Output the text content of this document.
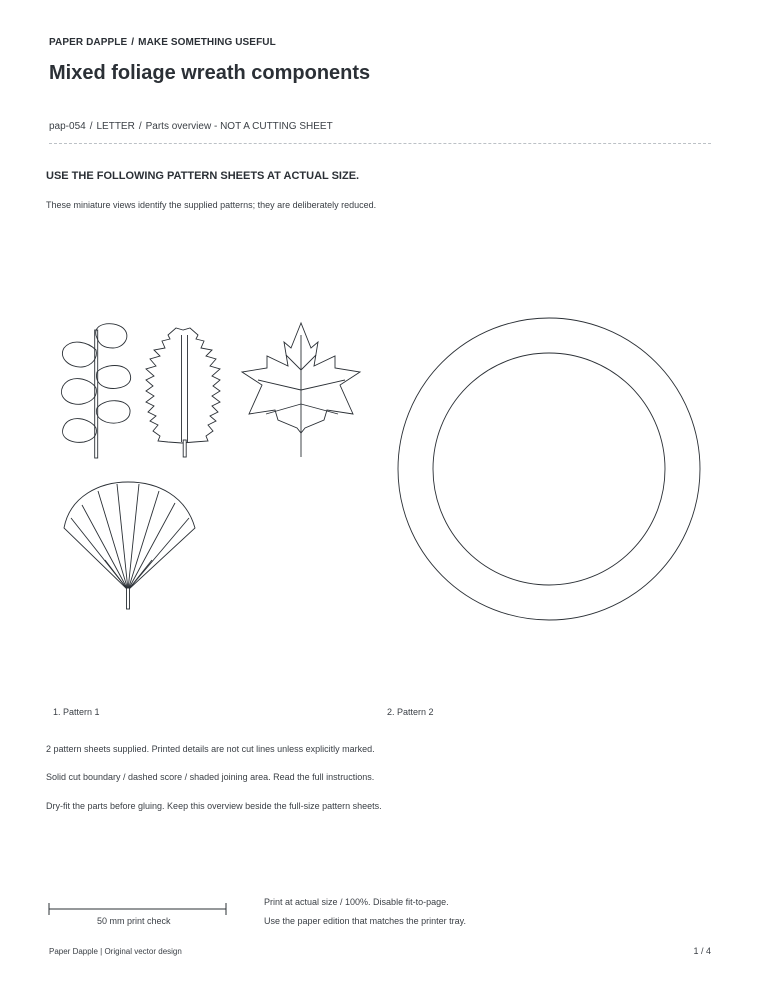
PAPER DAPPLE / MAKE SOMETHING USEFUL
Mixed foliage wreath components
pap-054 / LETTER / Parts overview - NOT A CUTTING SHEET
USE THE FOLLOWING PATTERN SHEETS AT ACTUAL SIZE.
These miniature views identify the supplied patterns; they are deliberately reduced.
1. Pattern 1	2. Pattern 2
2 pattern sheets supplied. Printed details are not cut lines unless explicitly marked.
Solid cut boundary / dashed score / shaded joining area. Read the full instructions.
Dry-fit the parts before gluing. Keep this overview beside the full-size pattern sheets.
50 mm print check
Print at actual size / 100%. Disable fit-to-page.
Use the paper edition that matches the printer tray.
Paper Dapple | Original vector design	1 / 4
